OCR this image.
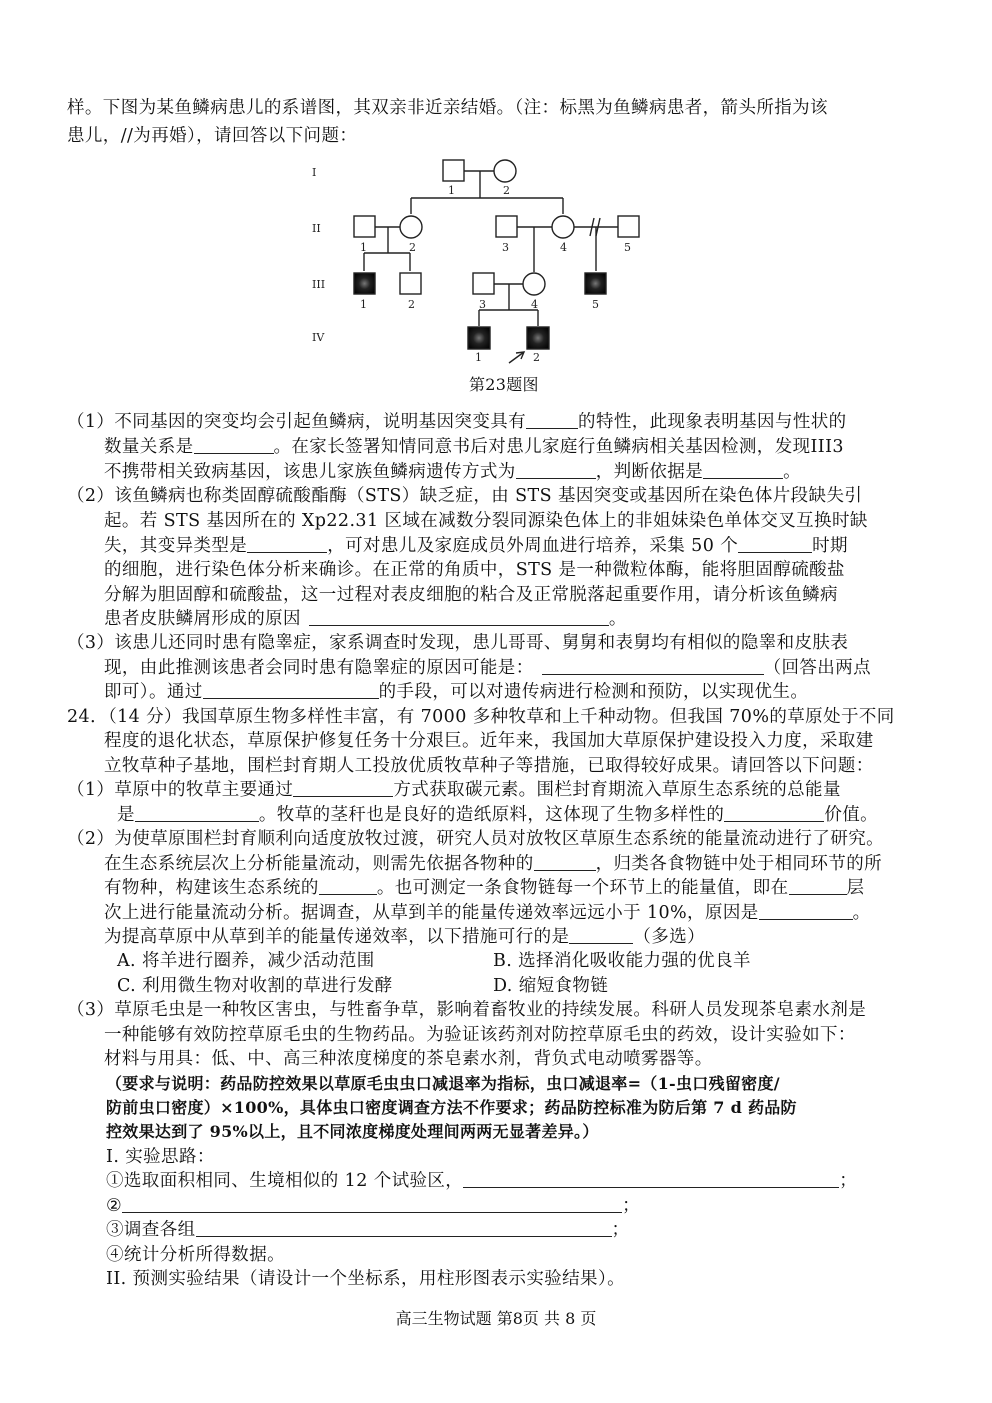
样。下图为某鱼鳞病患儿的系谱图，其双亲非近亲结婚。（注：标黑为鱼鳞病患者，箭头所指为该
患儿，//为再婚），请回答以下问题：
I
II
III
IV
1	2
1	2	3	4	5
1	2	3	4	5
1	2
第23题图
（1）不同基因的突变均会引起鱼鳞病，说明基因突变具有	的特性，此现象表明基因与性状的
数量关系是	。在家长签署知情同意书后对患儿家庭行鱼鳞病相关基因检测，发现III3
不携带相关致病基因，该患儿家族鱼鳞病遗传方式为	，判断依据是	。
（2）该鱼鳞病也称类固醇硫酸酯酶（STS）缺乏症，由 STS 基因突变或基因所在染色体片段缺失引
起。若 STS 基因所在的 Xp22.31 区域在减数分裂同源染色体上的非姐妹染色单体交叉互换时缺
失，其变异类型是	，可对患儿及家庭成员外周血进行培养，采集 50 个	时期
的细胞，进行染色体分析来确诊。在正常的角质中，STS 是一种微粒体酶，能将胆固醇硫酸盐
分解为胆固醇和硫酸盐，这一过程对表皮细胞的粘合及正常脱落起重要作用，请分析该鱼鳞病
患者皮肤鳞屑形成的原因	。
（3）该患儿还同时患有隐睾症，家系调查时发现，患儿哥哥、舅舅和表舅均有相似的隐睾和皮肤表
现，由此推测该患者会同时患有隐睾症的原因可能是：	（回答出两点
即可）。通过	的手段，可以对遗传病进行检测和预防，以实现优生。
24．（14 分）我国草原生物多样性丰富，有 7000 多种牧草和上千种动物。但我国 70%的草原处于不同
程度的退化状态，草原保护修复任务十分艰巨。近年来，我国加大草原保护建设投入力度，采取建
立牧草种子基地，围栏封育期人工投放优质牧草种子等措施，已取得较好成果。请回答以下问题：
（1）草原中的牧草主要通过	方式获取碳元素。围栏封育期流入草原生态系统的总能量
是	。牧草的茎秆也是良好的造纸原料，这体现了生物多样性的	价值。
（2）为使草原围栏封育顺利向适度放牧过渡，研究人员对放牧区草原生态系统的能量流动进行了研究。
在生态系统层次上分析能量流动，则需先依据各物种的	，归类各食物链中处于相同环节的所
有物种，构建该生态系统的	。也可测定一条食物链每一个环节上的能量值，即在	层
次上进行能量流动分析。据调查，从草到羊的能量传递效率远远小于 10%，原因是	。
为提高草原中从草到羊的能量传递效率，以下措施可行的是	（多选）
A. 将羊进行圈养，减少活动范围	B. 选择消化吸收能力强的优良羊
C. 利用微生物对收割的草进行发酵	D. 缩短食物链
（3）草原毛虫是一种牧区害虫，与牲畜争草，影响着畜牧业的持续发展。科研人员发现茶皂素水剂是
一种能够有效防控草原毛虫的生物药品。为验证该药剂对防控草原毛虫的药效，设计实验如下：
材料与用具：低、中、高三种浓度梯度的茶皂素水剂，背负式电动喷雾器等。
（要求与说明：药品防控效果以草原毛虫虫口减退率为指标，虫口减退率=（1-虫口残留密度/
防前虫口密度）×100%，具体虫口密度调查方法不作要求；药品防控标准为防后第 7 d 药品防
控效果达到了 95%以上，且不同浓度梯度处理间两两无显著差异。）
I. 实验思路：
①选取面积相同、生境相似的 12 个试验区，	；
②	；
③调查各组	；
④统计分析所得数据。
II. 预测实验结果（请设计一个坐标系，用柱形图表示实验结果）。
高三生物试题 第8页 共 8 页
